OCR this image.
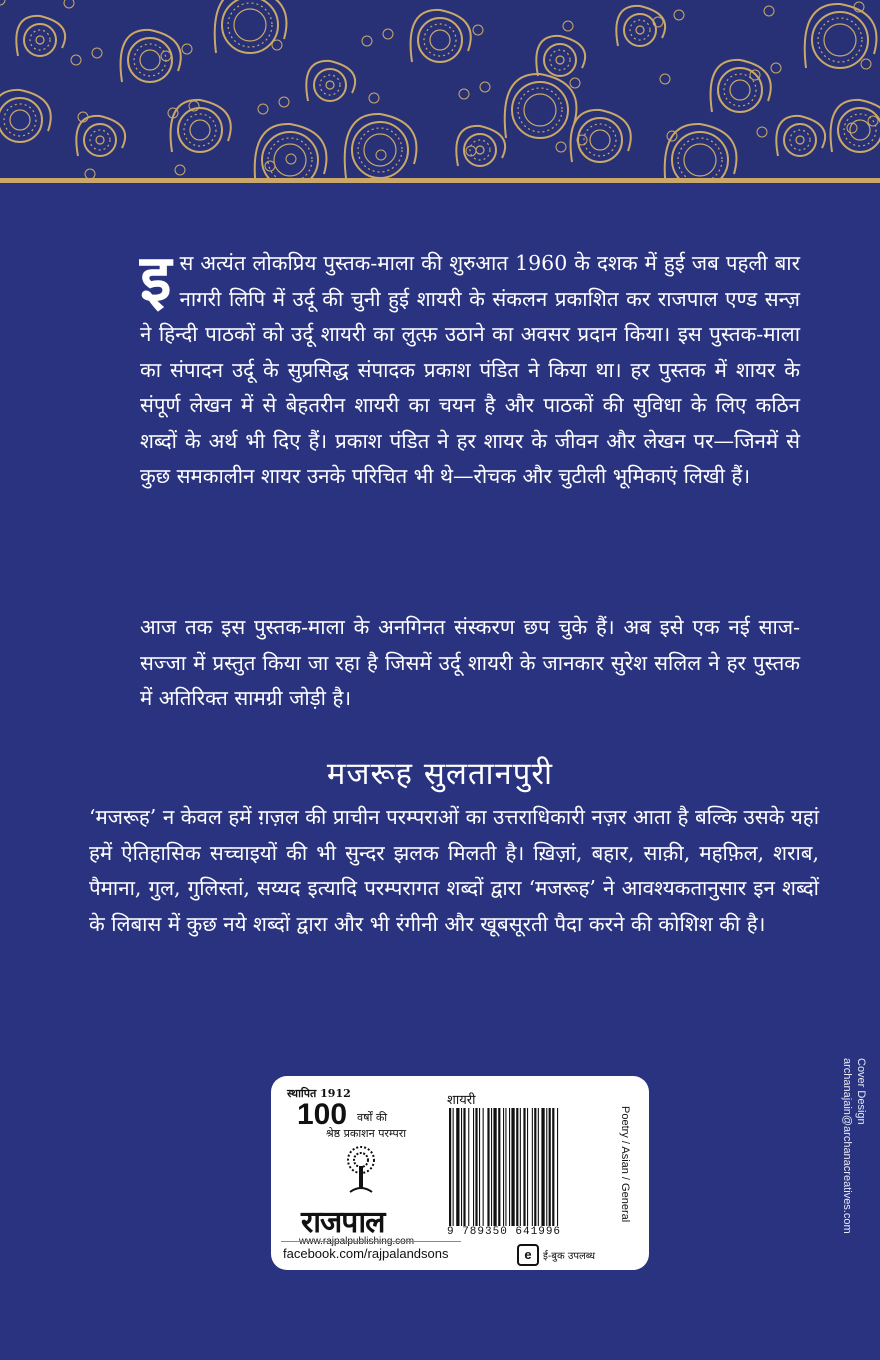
इस अत्यंत लोकप्रिय पुस्तक-माला की शुरुआत 1960 के दशक में हुई जब पहली बार नागरी लिपि में उर्दू की चुनी हुई शायरी के संकलन प्रकाशित कर राजपाल एण्ड सन्ज़ ने हिन्दी पाठकों को उर्दू शायरी का लुत्फ़ उठाने का अवसर प्रदान किया। इस पुस्तक-माला का संपादन उर्दू के सुप्रसिद्ध संपादक प्रकाश पंडित ने किया था। हर पुस्तक में शायर के संपूर्ण लेखन में से बेहतरीन शायरी का चयन है और पाठकों की सुविधा के लिए कठिन शब्दों के अर्थ भी दिए हैं। प्रकाश पंडित ने हर शायर के जीवन और लेखन पर—जिनमें से कुछ समकालीन शायर उनके परिचित भी थे—रोचक और चुटीली भूमिकाएं लिखी हैं।
आज तक इस पुस्तक-माला के अनगिनत संस्करण छप चुके हैं। अब इसे एक नई साज-सज्जा में प्रस्तुत किया जा रहा है जिसमें उर्दू शायरी के जानकार सुरेश सलिल ने हर पुस्तक में अतिरिक्त सामग्री जोड़ी है।
मजरूह सुलतानपुरी
‘मजरूह’ न केवल हमें ग़ज़ल की प्राचीन परम्पराओं का उत्तराधिकारी नज़र आता है बल्कि उसके यहां हमें ऐतिहासिक सच्चाइयों की भी सुन्दर झलक मिलती है। ख़िज़ां, बहार, साक़ी, महफ़िल, शराब, पैमाना, गुल, गुलिस्तां, सय्यद इत्यादि परम्परागत शब्दों द्वारा ‘मजरूह’ ने आवश्यकतानुसार इन शब्दों के लिबास में कुछ नये शब्दों द्वारा और भी रंगीनी और खूबसूरती पैदा करने की कोशिश की है।
Cover Design
archanajain@archanacreatives.com
स्थापित 1912
100 वर्षों की
श्रेष्ठ प्रकाशन परम्परा
राजपाल
facebook.com/rajpalandsons
शायरी
9 789350 641996
Poetry / Asian / General
e	ई-बुक उपलब्ध
